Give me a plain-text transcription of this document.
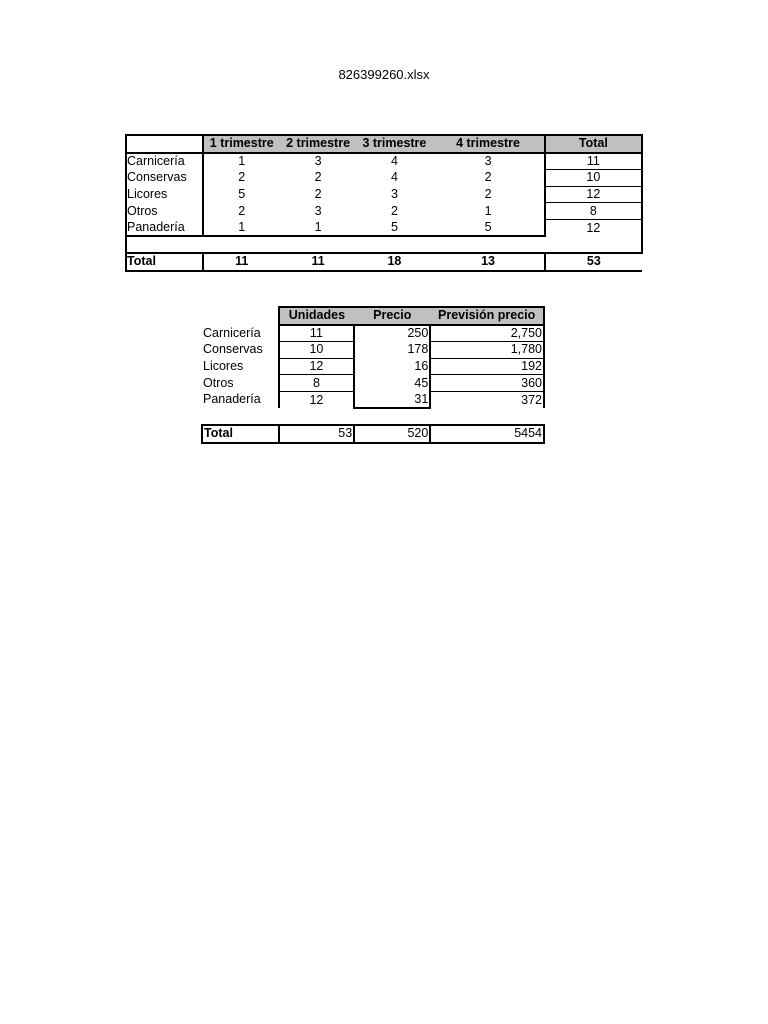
826399260.xlsx
	1 trimestre	2 trimestre	3 trimestre	4 trimestre	Total
Carnicería	1	3	4	3	11
Conservas	2	2	4	2	10
Licores	5	2	3	2	12
Otros	2	3	2	1	8
Panadería	1	1	5	5	12

Total	11	11	18	13	53
	Unidades	Precio	Previsión precio
Carnicería	11	250	2,750
Conservas	10	178	1,780
Licores	12	16	192
Otros	8	45	360
Panadería	12	31	372

Total	53	520	5454
